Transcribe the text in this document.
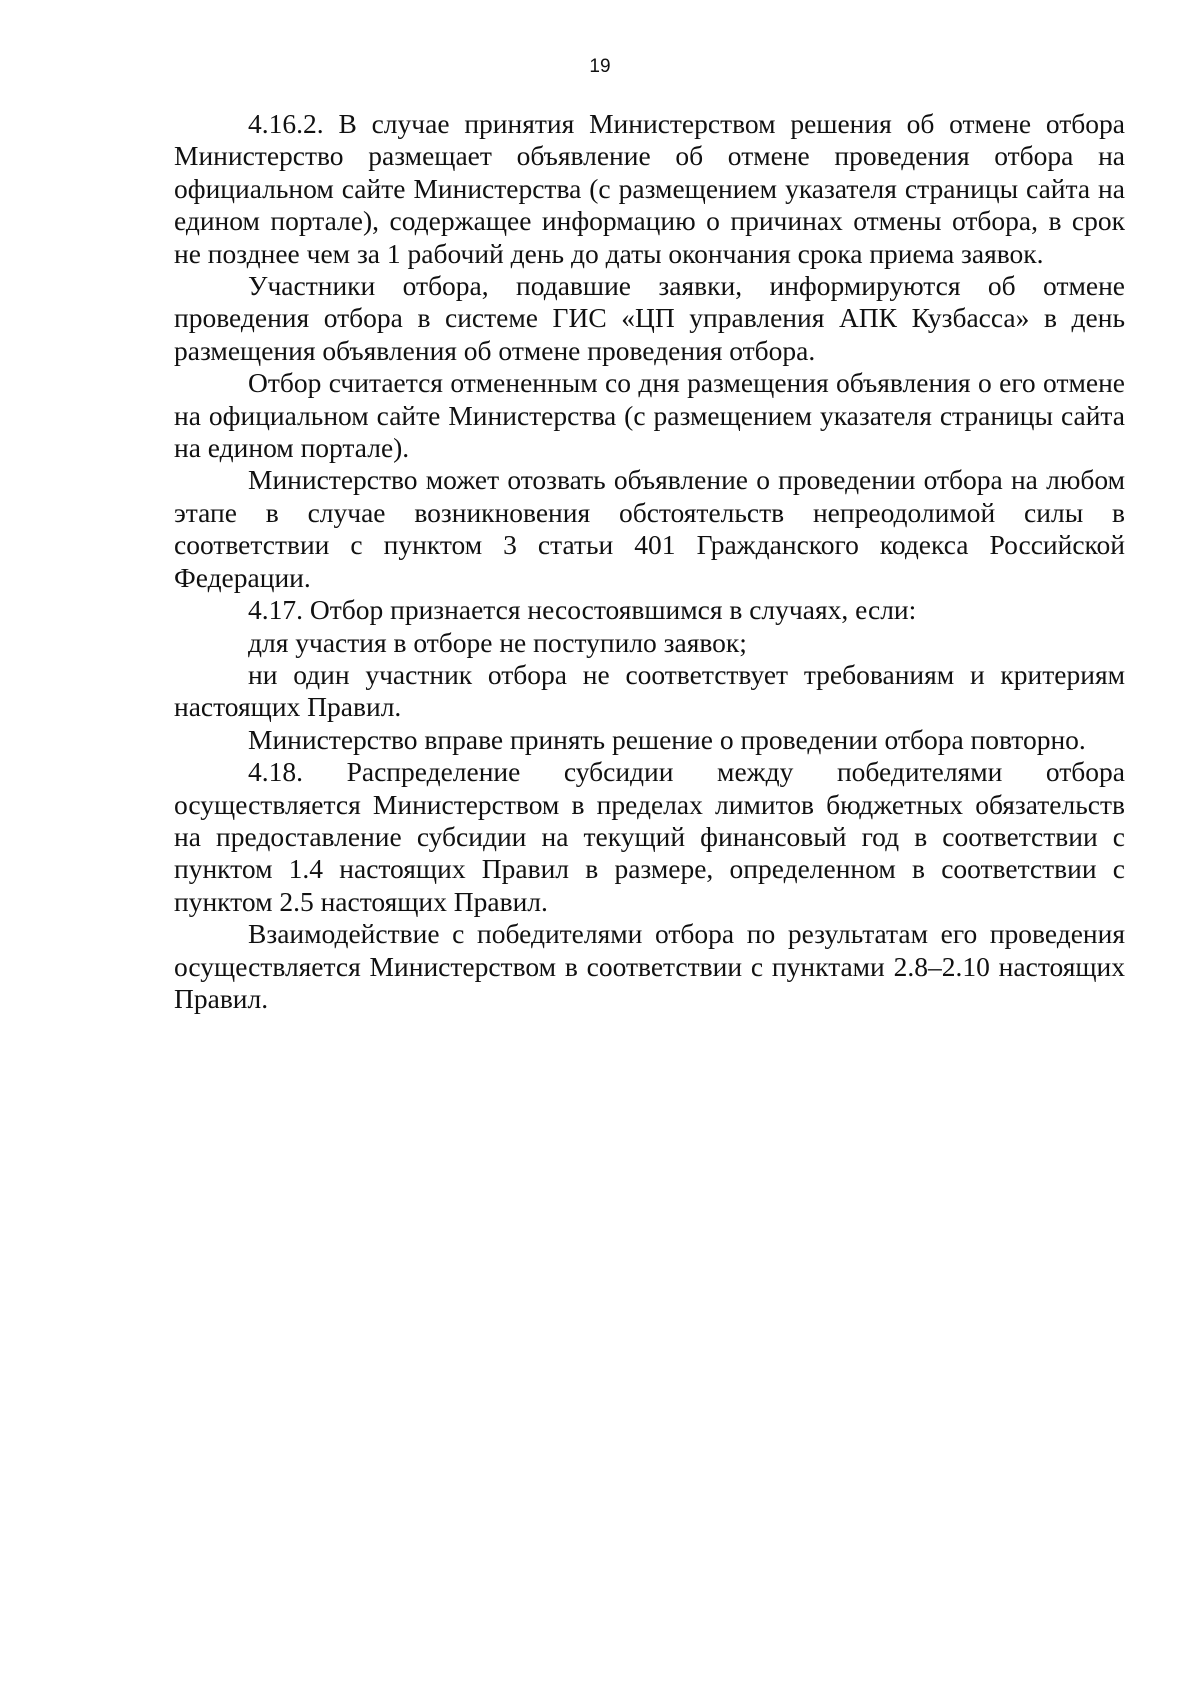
19

4.16.2. В случае принятия Министерством решения об отмене отбора Министерство размещает объявление об отмене проведения отбора на официальном сайте Министерства (с размещением указателя страницы сайта на едином портале), содержащее информацию о причинах отмены отбора, в срок не позднее чем за 1 рабочий день до даты окончания срока приема заявок.

Участники отбора, подавшие заявки, информируются об отмене проведения отбора в системе ГИС «ЦП управления АПК Кузбасса» в день размещения объявления об отмене проведения отбора.

Отбор считается отмененным со дня размещения объявления о его отмене на официальном сайте Министерства (с размещением указателя страницы сайта на едином портале).

Министерство может отозвать объявление о проведении отбора на любом этапе в случае возникновения обстоятельств непреодолимой силы в соответствии с пунктом 3 статьи 401 Гражданского кодекса Российской Федерации.

4.17. Отбор признается несостоявшимся в случаях, если:

для участия в отборе не поступило заявок;

ни один участник отбора не соответствует требованиям и критериям настоящих Правил.

Министерство вправе принять решение о проведении отбора повторно.

4.18. Распределение субсидии между победителями отбора осуществляется Министерством в пределах лимитов бюджетных обязательств на предоставление субсидии на текущий финансовый год в соответствии с пунктом 1.4 настоящих Правил в размере, определенном в соответствии с пунктом 2.5 настоящих Правил.

Взаимодействие с победителями отбора по результатам его проведения осуществляется Министерством в соответствии с пунктами 2.8–2.10 настоящих Правил.
